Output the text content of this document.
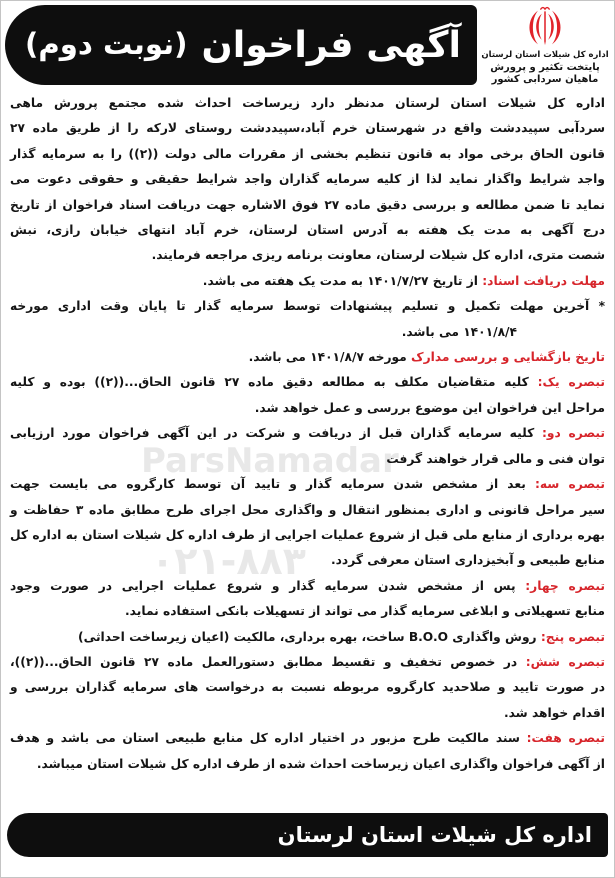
آگهی فراخوان
(نوبت دوم)	اداره کل شیلات استان لرستان
پایتخت تکثیر و پرورش
ماهیان سردآبی کشور
ParsNamadar
۰۲۱-۸۸۳
اداره کل شیلات استان لرستان مدنظر دارد زیرساخت احداث شده مجتمع پرورش ماهی
سردآبی سپیددشت واقع در شهرستان خرم آباد،سپیددشت روستای لارکه را از طریق ماده ۲۷
قانون الحاق برخی مواد به قانون تنظیم بخشی از مقررات مالی دولت ((۲)) را به سرمایه گذار
واجد شرایط واگذار نماید لذا از کلیه سرمایه گذاران واجد شرایط حقیقی و حقوقی دعوت می
نماید تا ضمن مطالعه و بررسی دقیق ماده ۲۷ فوق الاشاره جهت دریافت اسناد فراخوان از تاریخ
درج آگهی به مدت یک هفته به آدرس استان لرستان، خرم آباد انتهای خیابان رازی، نبش
شصت متری، اداره کل شیلات لرستان، معاونت برنامه ریزی مراجعه فرمایند.
مهلت دریافت اسناد: از تاریخ ۱۴۰۱/۷/۲۷ به مدت یک هفته می باشد.
* آخرین مهلت تکمیل و تسلیم پیشنهادات توسط سرمایه گذار تا پایان وقت اداری مورخه
۱۴۰۱/۸/۴ می باشد.
تاریخ بازگشایی و بررسی مدارک مورخه ۱۴۰۱/۸/۷ می باشد.
تبصره یک: کلیه متقاضیان مکلف به مطالعه دقیق ماده ۲۷ قانون الحاق...((۲)) بوده و کلیه
مراحل این فراخوان این موضوع بررسی و عمل خواهد شد.
تبصره دو: کلیه سرمایه گذاران قبل از دریافت و شرکت در این آگهی فراخوان مورد ارزیابی
توان فنی و مالی قرار خواهند گرفت
تبصره سه: بعد از مشخص شدن سرمایه گذار و تایید آن توسط کارگروه می بایست جهت
سیر مراحل قانونی و اداری بمنظور انتقال و واگذاری محل اجرای طرح مطابق ماده ۳ حفاظت و
بهره برداری از منابع ملی قبل از شروع عملیات اجرایی از طرف اداره کل شیلات استان به اداره کل
منابع طبیعی و آبخیزداری استان معرفی گردد.
تبصره چهار: پس از مشخص شدن سرمایه گذار و شروع عملیات اجرایی در صورت وجود
منابع تسهیلاتی و ابلاغی سرمایه گذار می تواند از تسهیلات بانکی استفاده نماید.
تبصره پنج: روش واگذاری B.O.O ساخت، بهره برداری، مالکیت (اعیان زیرساخت احداثی)
تبصره شش: در خصوص تخفیف و تقسیط مطابق دستورالعمل ماده ۲۷ قانون الحاق...((۲))،
در صورت تایید و صلاحدید کارگروه مربوطه نسبت به درخواست های سرمایه گذاران بررسی و
اقدام خواهد شد.
تبصره هفت: سند مالکیت طرح مزبور در اختیار اداره کل منابع طبیعی استان می باشد و هدف
از آگهی فراخوان واگذاری اعیان زیرساخت احداث شده از طرف اداره کل شیلات استان میباشد.
اداره کل شیلات استان لرستان
